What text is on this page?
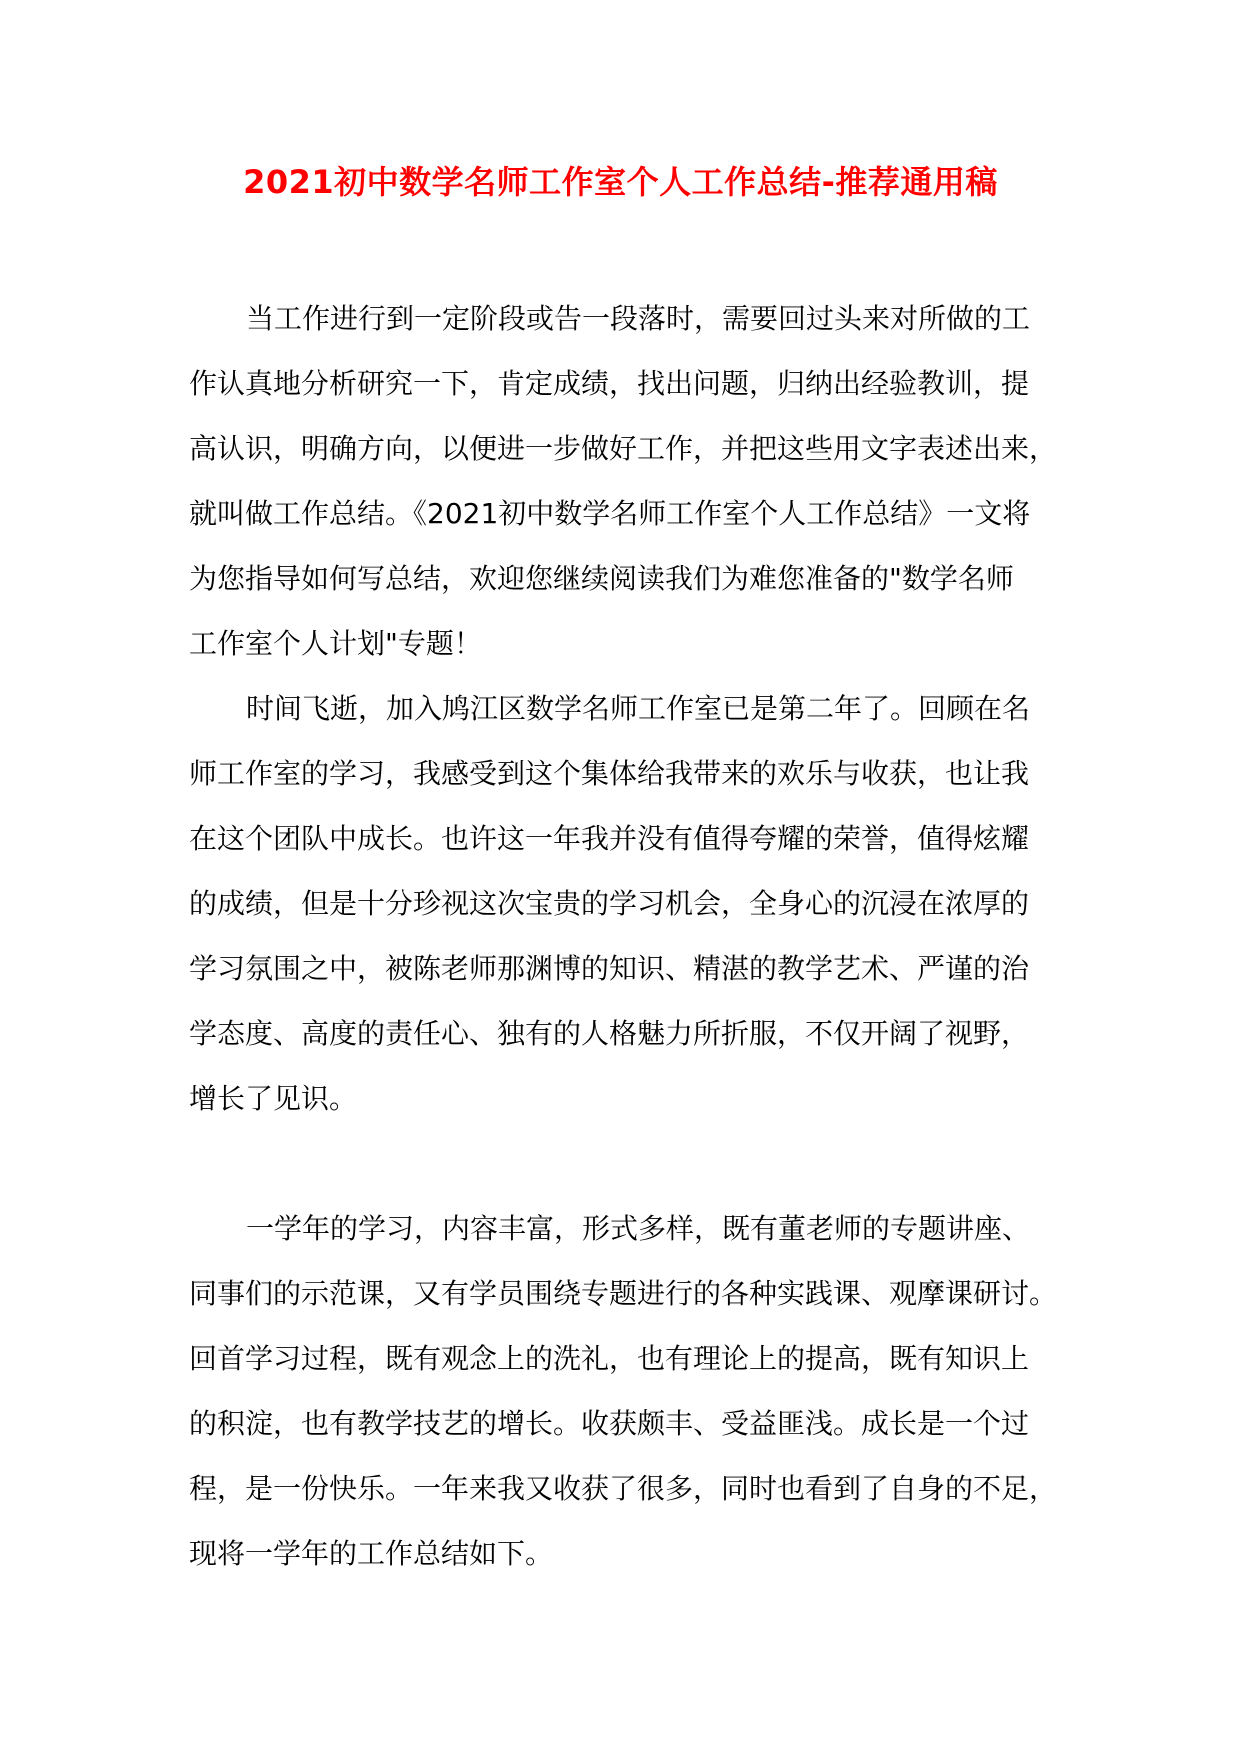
2021初中数学名师工作室个人工作总结-推荐通用稿
当工作进行到一定阶段或告一段落时，需要回过头来对所做的工
作认真地分析研究一下，肯定成绩，找出问题，归纳出经验教训，提
高认识，明确方向，以便进一步做好工作，并把这些用文字表述出来，
就叫做工作总结。《2021初中数学名师工作室个人工作总结》一文将
为您指导如何写总结，欢迎您继续阅读我们为难您准备的"数学名师
工作室个人计划"专题！
时间飞逝，加入鸠江区数学名师工作室已是第二年了。回顾在名
师工作室的学习，我感受到这个集体给我带来的欢乐与收获，也让我
在这个团队中成长。也许这一年我并没有值得夸耀的荣誉，值得炫耀
的成绩，但是十分珍视这次宝贵的学习机会，全身心的沉浸在浓厚的
学习氛围之中，被陈老师那渊博的知识、精湛的教学艺术、严谨的治
学态度、高度的责任心、独有的人格魅力所折服，不仅开阔了视野，
增长了见识。
一学年的学习，内容丰富，形式多样，既有董老师的专题讲座、
同事们的示范课，又有学员围绕专题进行的各种实践课、观摩课研讨。
回首学习过程，既有观念上的洗礼，也有理论上的提高，既有知识上
的积淀，也有教学技艺的增长。收获颇丰、受益匪浅。成长是一个过
程，是一份快乐。一年来我又收获了很多，同时也看到了自身的不足，
现将一学年的工作总结如下。
